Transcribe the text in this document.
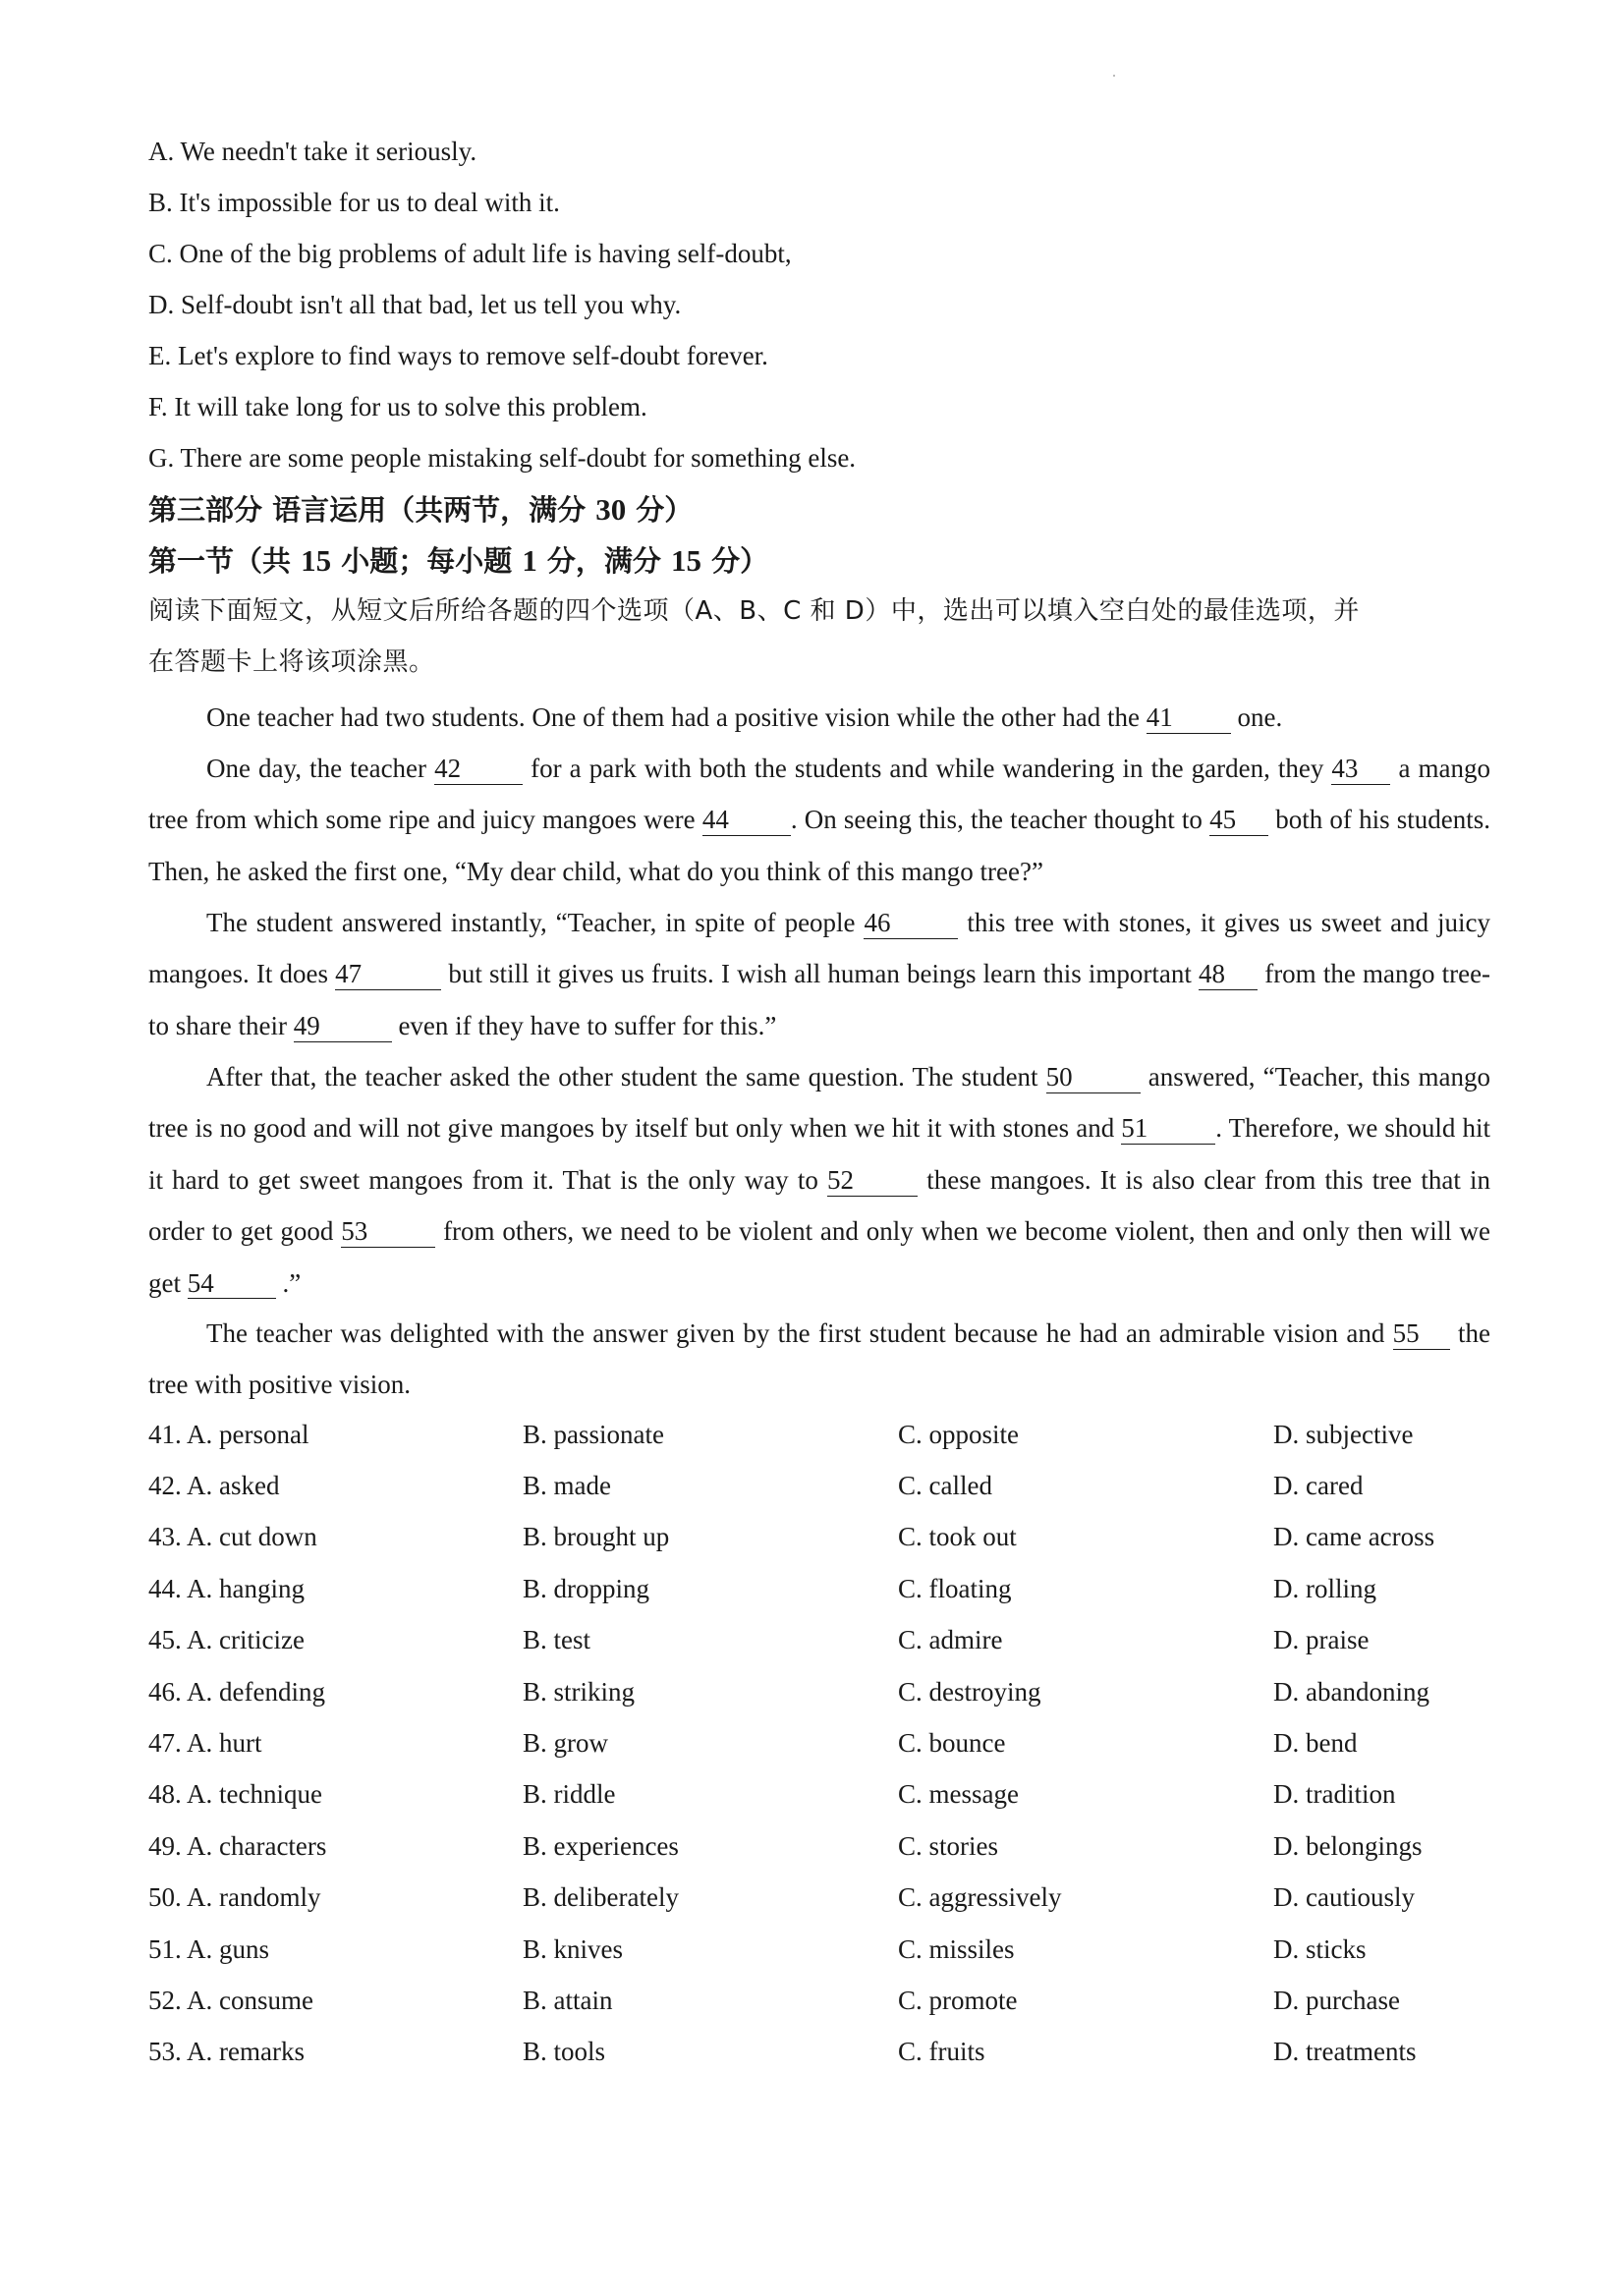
A. We needn't take it seriously.
B. It's impossible for us to deal with it.
C. One of the big problems of adult life is having self-doubt,
D. Self-doubt isn't all that bad, let us tell you why.
E. Let's explore to find ways to remove self-doubt forever.
F. It will take long for us to solve this problem.
G. There are some people mistaking self-doubt for something else.
第三部分 语言运用（共两节，满分 30 分）
第一节（共 15 小题；每小题 1 分，满分 15 分）
阅读下面短文，从短文后所给各题的四个选项（A、B、C 和 D）中，选出可以填入空白处的最佳选项，并
在答题卡上将该项涂黑。
One teacher had two students. One of them had a positive vision while the other had the 41 one.
One day, the teacher 42 for a park with both the students and while wandering in the garden, they 43 a mango tree from which some ripe and juicy mangoes were 44 . On seeing this, the teacher thought to 45 both of his students. Then, he asked the first one, “My dear child, what do you think of this mango tree?”
The student answered instantly, “Teacher, in spite of people 46	this tree with stones, it gives us sweet and juicy mangoes. It does 47	but still it gives us fruits. I wish all human beings learn this important 48 from the mango tree-to share their 49	even if they have to suffer for this.”
After that, the teacher asked the other student the same question. The student 50	answered, “Teacher, this mango tree is no good and will not give mangoes by itself but only when we hit it with stones and 51	. Therefore, we should hit it hard to get sweet mangoes from it. That is the only way to 52 these mangoes. It is also clear from this tree that in order to get good 53	from others, we need to be violent and only when we become violent, then and only then will we get 54 .”
The teacher was delighted with the answer given by the first student because he had an admirable vision and 55 the tree with positive vision.
41. A. personal	B. passionate	C. opposite	D. subjective
42. A. asked	B. made	C. called	D. cared
43. A. cut down	B. brought up	C. took out	D. came across
44. A. hanging	B. dropping	C. floating	D. rolling
45. A. criticize	B. test	C. admire	D. praise
46. A. defending	B. striking	C. destroying	D. abandoning
47. A. hurt	B. grow	C. bounce	D. bend
48. A. technique	B. riddle	C. message	D. tradition
49. A. characters	B. experiences	C. stories	D. belongings
50. A. randomly	B. deliberately	C. aggressively	D. cautiously
51. A. guns	B. knives	C. missiles	D. sticks
52. A. consume	B. attain	C. promote	D. purchase
53. A. remarks	B. tools	C. fruits	D. treatments
